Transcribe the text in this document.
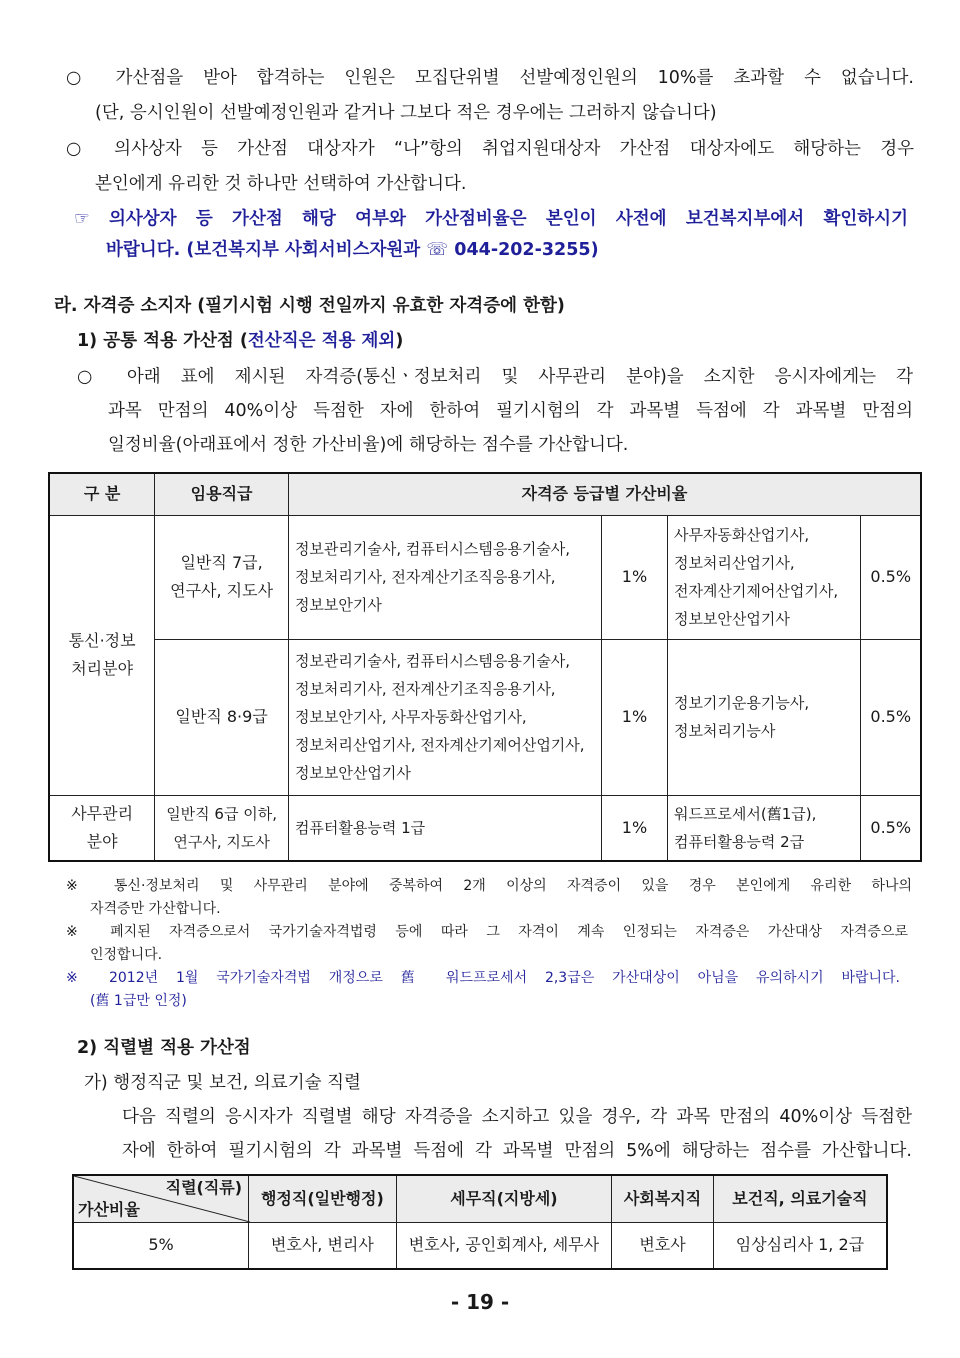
○ 가산점을 받아 합격하는 인원은 모집단위별 선발예정인원의 10%를 초과할 수 없습니다.
(단, 응시인원이 선발예정인원과 같거나 그보다 적은 경우에는 그러하지 않습니다)
○ 의사상자 등 가산점 대상자가 “나”항의 취업지원대상자 가산점 대상자에도 해당하는 경우
본인에게 유리한 것 하나만 선택하여 가산합니다.
☞ 의사상자 등 가산점 해당 여부와 가산점비율은 본인이 사전에 보건복지부에서 확인하시기
바랍니다. (보건복지부 사회서비스자원과 ☏ 044-202-3255)
라. 자격증 소지자 (필기시험 시행 전일까지 유효한 자격증에 한함)
1) 공통 적용 가산점 (전산직은 적용 제외)
○ 아래 표에 제시된 자격증(통신ㆍ정보처리 및 사무관리 분야)을 소지한 응시자에게는 각
과목 만점의 40%이상 득점한 자에 한하여 필기시험의 각 과목별 득점에 각 과목별 만점의
일정비율(아래표에서 정한 가산비율)에 해당하는 점수를 가산합니다.
구 분	임용직급	자격증 등급별 가산비율			
통신·정보
처리분야	일반직 7급,
연구사, 지도사	정보관리기술사, 컴퓨터시스템응용기술사,
정보처리기사, 전자계산기조직응용기사,
정보보안기사	1%	사무자동화산업기사,
정보처리산업기사,
전자계산기제어산업기사,
정보보안산업기사	0.5%
	일반직 8·9급	정보관리기술사, 컴퓨터시스템응용기술사,
정보처리기사, 전자계산기조직응용기사,
정보보안기사, 사무자동화산업기사,
정보처리산업기사, 전자계산기제어산업기사,
정보보안산업기사	1%	정보기기운용기능사,
정보처리기능사	0.5%
사무관리
분야	일반직 6급 이하,
연구사, 지도사	컴퓨터활용능력 1급	1%	워드프로세서(舊1급),
컴퓨터활용능력 2급	0.5%
※ 통신·정보처리 및 사무관리 분야에 중복하여 2개 이상의 자격증이 있을 경우 본인에게 유리한 하나의
자격증만 가산합니다.
※ 폐지된 자격증으로서 국가기술자격법령 등에 따라 그 자격이 계속 인정되는 자격증은 가산대상 자격증으로
인정합니다.
※ 2012년 1월 국가기술자격법 개정으로 舊 워드프로세서 2,3급은 가산대상이 아님을 유의하시기 바랍니다.
(舊 1급만 인정)
2) 직렬별 적용 가산점
가) 행정직군 및 보건, 의료기술 직렬
다음 직렬의 응시자가 직렬별 해당 자격증을 소지하고 있을 경우, 각 과목 만점의 40%이상 득점한
자에 한하여 필기시험의 각 과목별 득점에 각 과목별 만점의 5%에 해당하는 점수를 가산합니다.
직렬(직류)
가산비율	행정직(일반행정)	세무직(지방세)	사회복지직	보건직, 의료기술직
5%	변호사, 변리사	변호사, 공인회계사, 세무사	변호사	임상심리사 1, 2급
- 19 -
